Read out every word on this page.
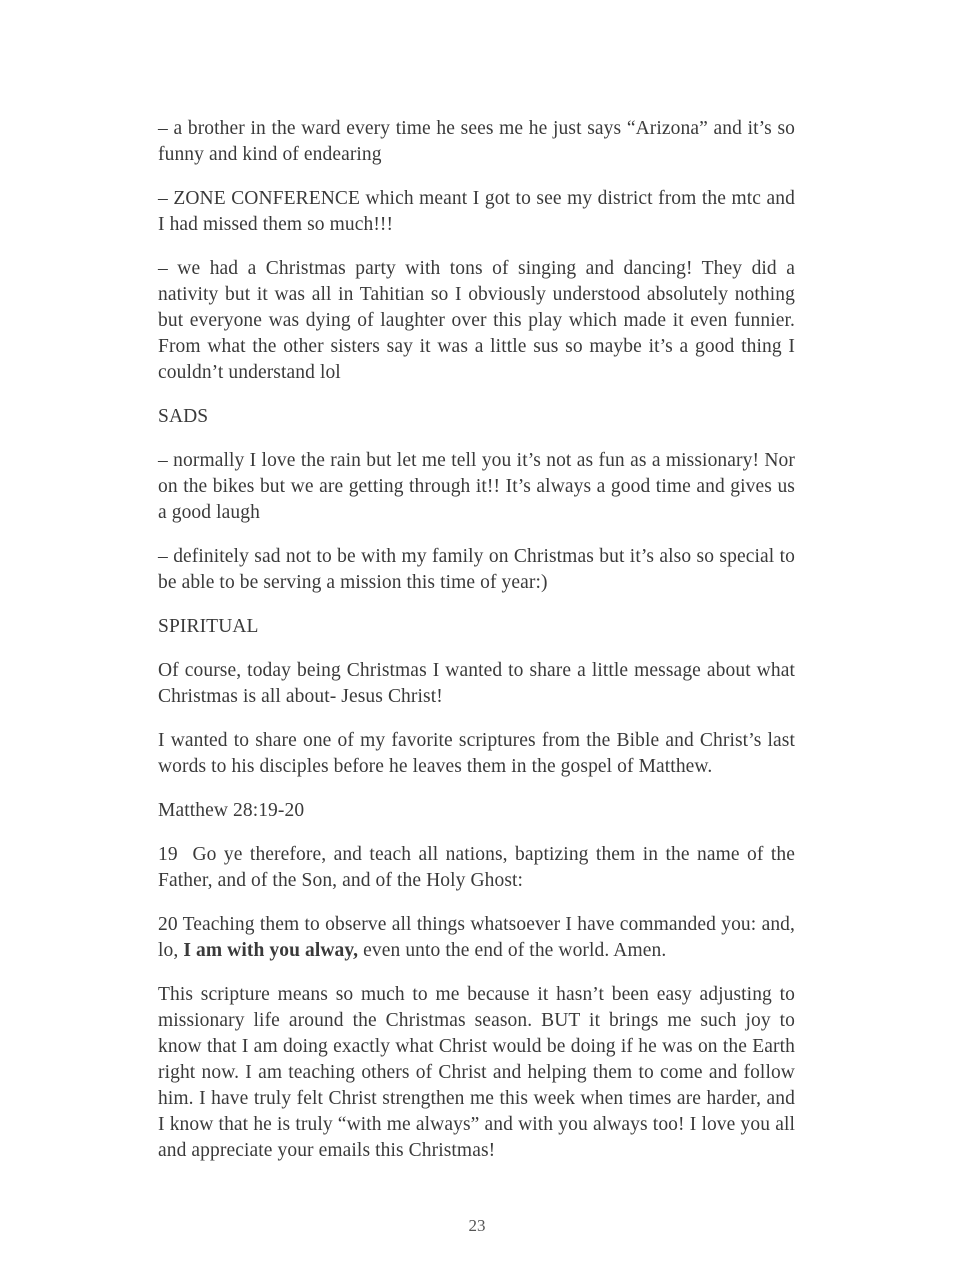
– a brother in the ward every time he sees me he just says “Arizona” and it’s so funny and kind of endearing

– ZONE CONFERENCE which meant I got to see my district from the mtc and I had missed them so much!!!

– we had a Christmas party with tons of singing and dancing! They did a nativity but it was all in Tahitian so I obviously understood absolutely nothing but everyone was dying of laughter over this play which made it even funnier. From what the other sisters say it was a little sus so maybe it’s a good thing I couldn’t understand lol

SADS

– normally I love the rain but let me tell you it’s not as fun as a missionary! Nor on the bikes but we are getting through it!! It’s always a good time and gives us a good laugh

– definitely sad not to be with my family on Christmas but it’s also so special to be able to be serving a mission this time of year:)

SPIRITUAL

Of course, today being Christmas I wanted to share a little message about what Christmas is all about- Jesus Christ!

I wanted to share one of my favorite scriptures from the Bible and Christ’s last words to his disciples before he leaves them in the gospel of Matthew.

Matthew 28:19-20

19  Go ye therefore, and teach all nations, baptizing them in the name of the Father, and of the Son, and of the Holy Ghost:

20 Teaching them to observe all things whatsoever I have commanded you: and, lo, I am with you alway, even unto the end of the world. Amen.

This scripture means so much to me because it hasn’t been easy adjusting to missionary life around the Christmas season. BUT it brings me such joy to know that I am doing exactly what Christ would be doing if he was on the Earth right now. I am teaching others of Christ and helping them to come and follow him. I have truly felt Christ strengthen me this week when times are harder, and I know that he is truly “with me always” and with you always too! I love you all and appreciate your emails this Christmas!

23
